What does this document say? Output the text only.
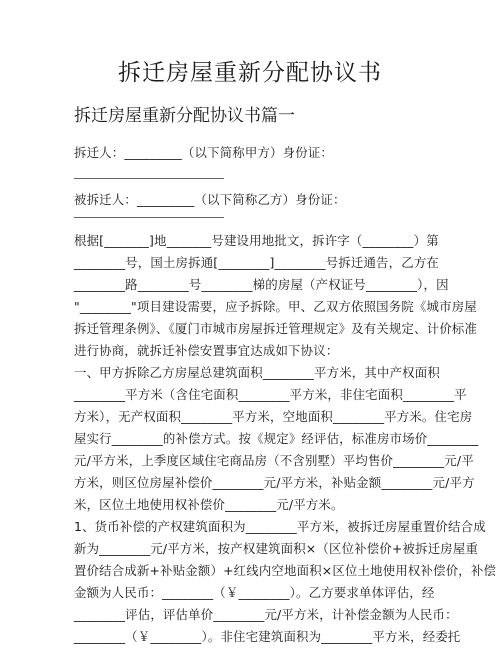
拆迁房屋重新分配协议书
拆迁房屋重新分配协议书篇一
拆迁人：_________（以下简称甲方）身份证：
被拆迁人：_________（以下简称乙方）身份证：
根据[_______]地_______号建设用地批文，拆许字（________）第
________号，国土房拆通[________]________号拆迁通告，乙方在
________路________号________梯的房屋（产权证号________），因
"________"项目建设需要，应予拆除。甲、乙双方依照国务院《城市房屋
拆迁管理条例》、《厦门市城市房屋拆迁管理规定》及有关规定、计价标准
进行协商，就拆迁补偿安置事宜达成如下协议：
一、甲方拆除乙方房屋总建筑面积________平方米，其中产权面积
________平方米（含住宅面积________平方米，非住宅面积________平
方米），无产权面积________平方米，空地面积________平方米。住宅房
屋实行________的补偿方式。按《规定》经评估，标准房市场价________
元/平方米，上季度区域住宅商品房（不含别墅）平均售价________元/平
方米，则区位房屋补偿价________元/平方米，补贴金额________元/平方
米，区位土地使用权补偿价________元/平方米。
1、货币补偿的产权建筑面积为________平方米，被拆迁房屋重置价结合成
新为________元/平方米，按产权建筑面积×（区位补偿价+被拆迁房屋重
置价结合成新+补贴金额）+红线内空地面积×区位土地使用权补偿价，补偿
金额为人民币：________（￥________）。乙方要求单体评估，经
________评估，评估单价________元/平方米，计补偿金额为人民币：
________（￥________）。非住宅建筑面积为________平方米，经委托
